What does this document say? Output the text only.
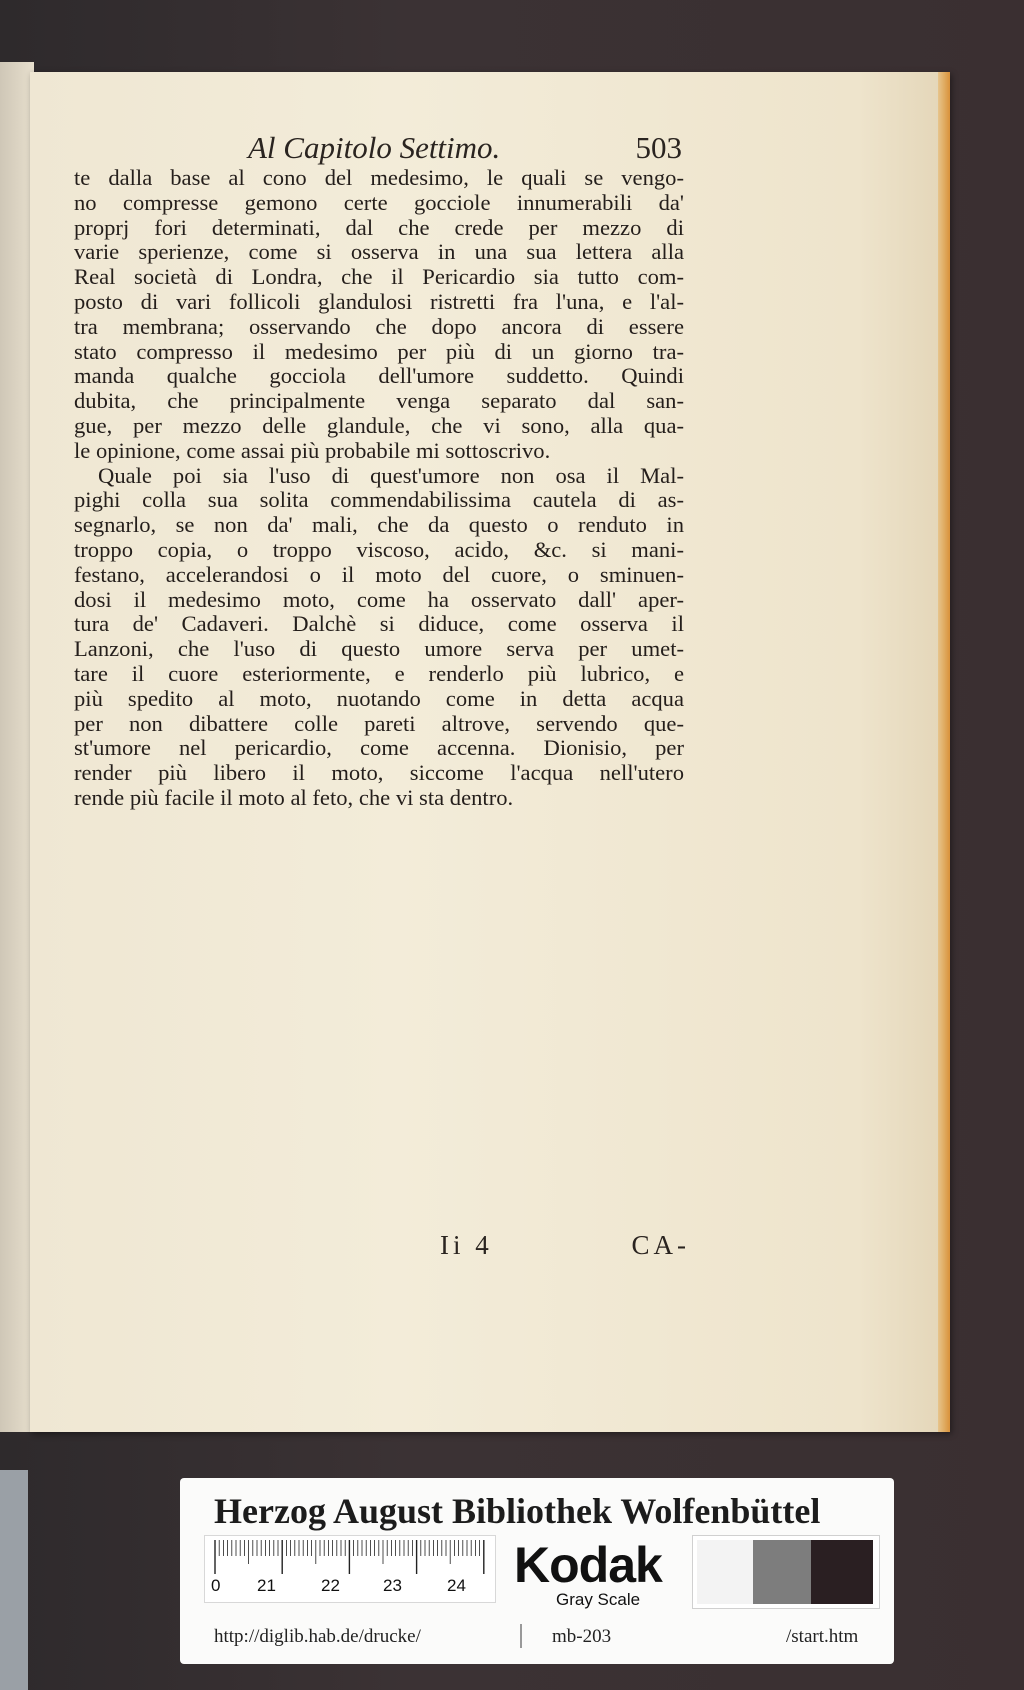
Al Capitolo Settimo.	503
te dalla base al cono del medesimo, le quali se vengo-
no compresse gemono certe gocciole innumerabili da'
proprj fori determinati, dal che crede per mezzo di
varie sperienze, come si osserva in una sua lettera alla
Real società di Londra, che il Pericardio sia tutto com-
posto di vari follicoli glandulosi ristretti fra l'una, e l'al-
tra membrana; osservando che dopo ancora di essere
stato compresso il medesimo per più di un giorno tra-
manda qualche gocciola dell'umore suddetto. Quindi
dubita, che principalmente venga separato dal san-
gue, per mezzo delle glandule, che vi sono, alla qua-
le opinione, come assai più probabile mi sottoscrivo.
Quale poi sia l'uso di quest'umore non osa il Mal-
pighi colla sua solita commendabilissima cautela di as-
segnarlo, se non da' mali, che da questo o renduto in
troppo copia, o troppo viscoso, acido, &c. si mani-
festano, accelerandosi o il moto del cuore, o sminuen-
dosi il medesimo moto, come ha osservato dall' aper-
tura de' Cadaveri. Dalchè si diduce, come osserva il
Lanzoni, che l'uso di questo umore serva per umet-
tare il cuore esteriormente, e renderlo più lubrico, e
più spedito al moto, nuotando come in detta acqua
per non dibattere colle pareti altrove, servendo que-
st'umore nel pericardio, come accenna. Dionisio, per
render più libero il moto, siccome l'acqua nell'utero
rende più facile il moto al feto, che vi sta dentro.
Ii 4	CA-
Herzog August Bibliothek Wolfenbüttel
0 21	22	23	24 Kodak
Gray Scale
http://diglib.hab.de/drucke/	mb-203	/start.htm
